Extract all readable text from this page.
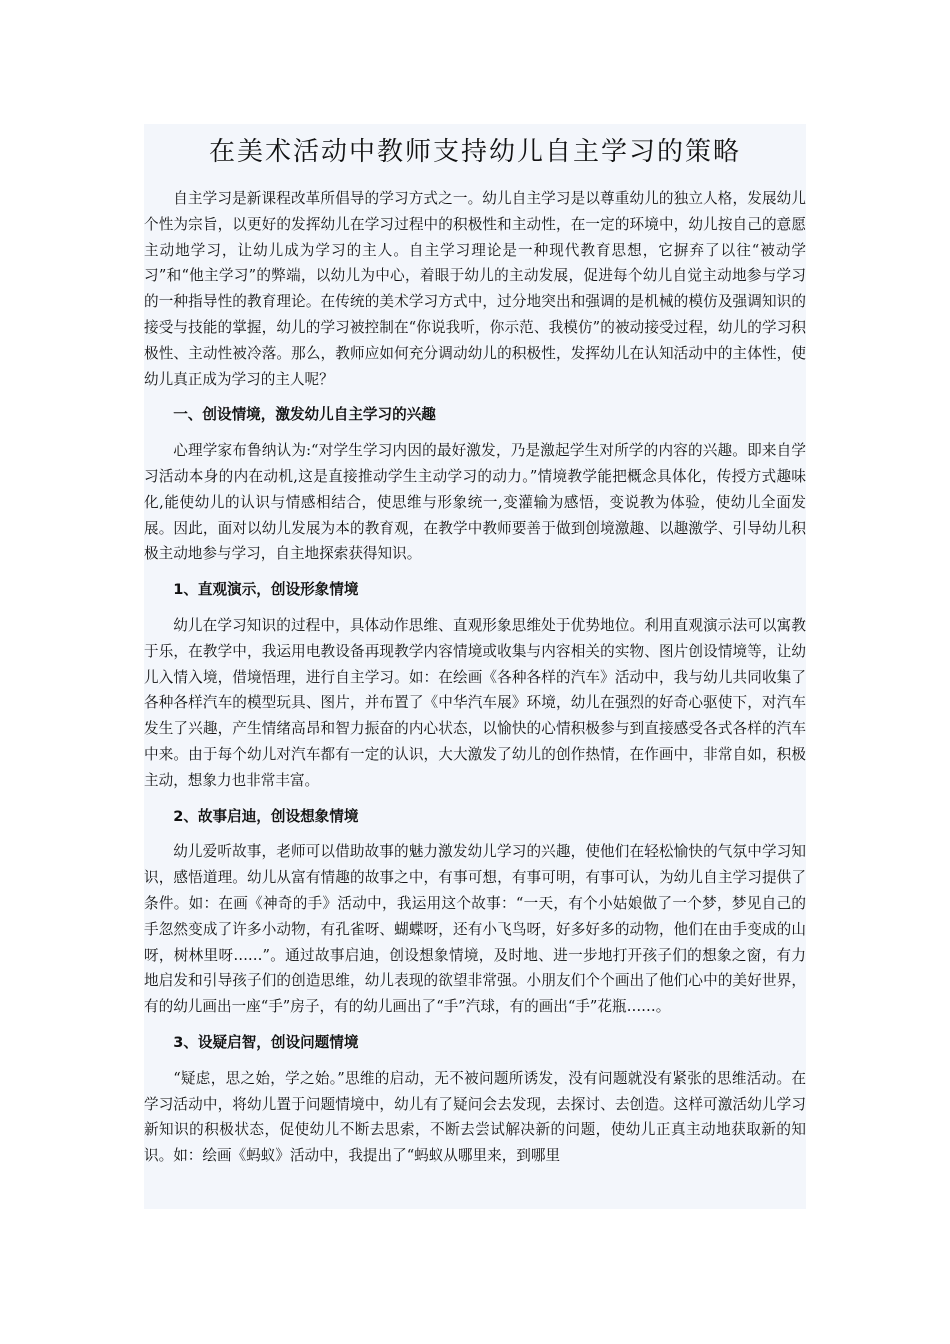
在美术活动中教师支持幼儿自主学习的策略

自主学习是新课程改革所倡导的学习方式之一。幼儿自主学习是以尊重幼儿的独立人格，发展幼儿个性为宗旨，以更好的发挥幼儿在学习过程中的积极性和主动性，在一定的环境中，幼儿按自己的意愿主动地学习，让幼儿成为学习的主人。自主学习理论是一种现代教育思想，它摒弃了以往“被动学习”和“他主学习”的弊端，以幼儿为中心，着眼于幼儿的主动发展，促进每个幼儿自觉主动地参与学习的一种指导性的教育理论。在传统的美术学习方式中，过分地突出和强调的是机械的模仿及强调知识的接受与技能的掌握，幼儿的学习被控制在“你说我听，你示范、我模仿”的被动接受过程，幼儿的学习积极性、主动性被冷落。那么，教师应如何充分调动幼儿的积极性，发挥幼儿在认知活动中的主体性，使幼儿真正成为学习的主人呢？

一、创设情境，激发幼儿自主学习的兴趣

心理学家布鲁纳认为:“对学生学习内因的最好激发，乃是激起学生对所学的内容的兴趣。即来自学习活动本身的内在动机,这是直接推动学生主动学习的动力。”情境教学能把概念具体化，传授方式趣味化,能使幼儿的认识与情感相结合，使思维与形象统一,变灌输为感悟，变说教为体验，使幼儿全面发展。因此，面对以幼儿发展为本的教育观，在教学中教师要善于做到创境激趣、以趣激学、引导幼儿积极主动地参与学习，自主地探索获得知识。

1、直观演示，创设形象情境

幼儿在学习知识的过程中，具体动作思维、直观形象思维处于优势地位。利用直观演示法可以寓教于乐，在教学中，我运用电教设备再现教学内容情境或收集与内容相关的实物、图片创设情境等，让幼儿入情入境，借境悟理，进行自主学习。如：在绘画《各种各样的汽车》活动中，我与幼儿共同收集了各种各样汽车的模型玩具、图片，并布置了《中华汽车展》环境，幼儿在强烈的好奇心驱使下，对汽车发生了兴趣，产生情绪高昂和智力振奋的内心状态，以愉快的心情积极参与到直接感受各式各样的汽车中来。由于每个幼儿对汽车都有一定的认识，大大激发了幼儿的创作热情，在作画中，非常自如，积极主动，想象力也非常丰富。

2、故事启迪，创设想象情境

幼儿爱听故事，老师可以借助故事的魅力激发幼儿学习的兴趣，使他们在轻松愉快的气氛中学习知识，感悟道理。幼儿从富有情趣的故事之中，有事可想，有事可明，有事可认，为幼儿自主学习提供了条件。如：在画《神奇的手》活动中，我运用这个故事：“一天，有个小姑娘做了一个梦，梦见自己的手忽然变成了许多小动物，有孔雀呀、蝴蝶呀，还有小飞鸟呀，好多好多的动物，他们在由手变成的山呀，树林里呀……”。通过故事启迪，创设想象情境，及时地、进一步地打开孩子们的想象之窗，有力地启发和引导孩子们的创造思维，幼儿表现的欲望非常强。小朋友们个个画出了他们心中的美好世界，有的幼儿画出一座“手”房子，有的幼儿画出了“手”汽球，有的画出“手”花瓶……。

3、设疑启智，创设问题情境

“疑虑，思之始，学之始。”思维的启动，无不被问题所诱发，没有问题就没有紧张的思维活动。在学习活动中，将幼儿置于问题情境中，幼儿有了疑问会去发现，去探讨、去创造。这样可激活幼儿学习新知识的积极状态，促使幼儿不断去思索，不断去尝试解决新的问题，使幼儿正真主动地获取新的知识。如：绘画《蚂蚁》活动中，我提出了“蚂蚁从哪里来，到哪里
